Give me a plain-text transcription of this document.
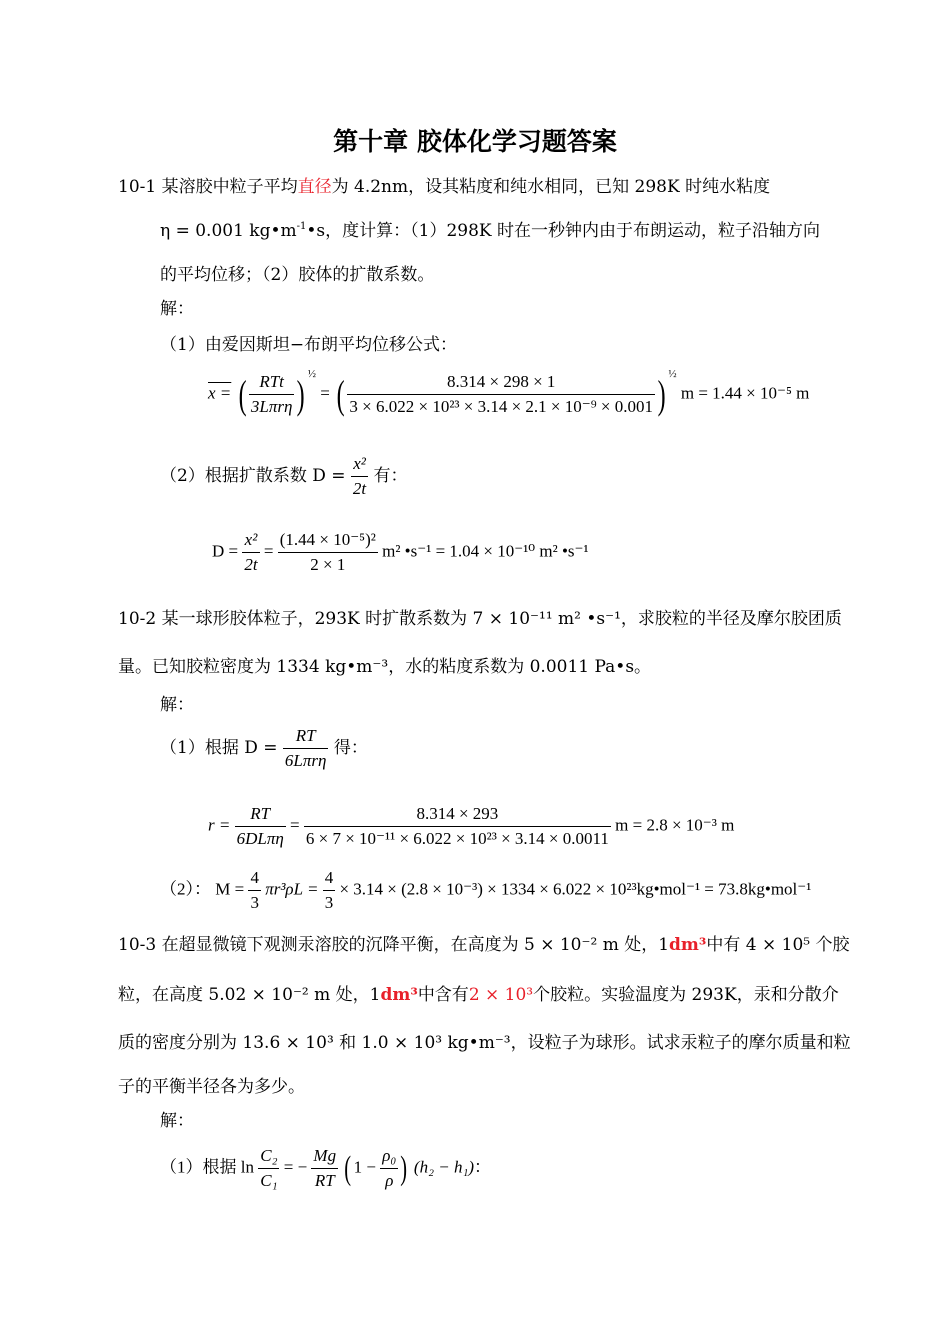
第十章 胶体化学习题答案
10-1 某溶胶中粒子平均直径为 4.2nm，设其粘度和纯水相同，已知 298K 时纯水粘度
η = 0.001 $kg•m^{-1}•s$，度计算：（1）298K 时在一秒钟内由于布朗运动，粒子沿轴方向
的平均位移；（2）胶体的扩散系数。
解：
（1）由爱因斯坦−布朗平均位移公式：
x = ( $\frac{\text{RTt}}{\text{3Lπrη}}$ ) ½ = ( $\frac{8.314 \times 298 \times 1}{\text{3 × 6.022 × 10²³ × 3.14 × 2.1 × 10⁻⁹ × 0.001}}$ ) ½ m = 1.44 × 10⁻⁵ m
（2）根据扩散系数 $D = \frac{\text{x²}}{2t}$ 有：
$D = \frac{\text{x²}}{2t} = \frac{\text{(1.44 × 10⁻⁵)²}}{2 \times 1} m^2$ •s⁻¹ = 1.04 × 10⁻¹⁰ m² •s⁻¹
10-2 某一球形胶体粒子，293K 时扩散系数为 7 × 10⁻¹¹ m² •s⁻¹，求胶粒的半径及摩尔胶团质
量。已知胶粒密度为 1334 kg•m⁻³，水的粘度系数为 0.0011 Pa•s。
解：
（1）根据 $D = \frac{RT}{\text{6Lπrη}}$ 得：
$r = \frac{RT}{\text{6DLπη}} = \frac{8.314 \times 293}{\text{6 × 7 × 10⁻¹¹ × 6.022 × 10²³ × 3.14 × 0.0011}}$ m = 2.8 × 10⁻³ m
（2）： $M = \frac{4}{3} \pi r^3\rho L = \frac{4}{3} \times 3.14 \times (2.8 \times 10^{-3}) \times 1334 \times 6.022$ × 10²³kg•mol⁻¹ = 73.8kg•mol⁻¹
10-3 在超显微镜下观测汞溶胶的沉降平衡，在高度为 5 × 10⁻² m 处，1dm³中有 4 × 10⁵ 个胶
粒，在高度 5.02 × 10⁻² m 处，1dm³中含有2 × 10³个胶粒。实验温度为 293K，汞和分散介
质的密度分别为 13.6 × 10³ 和 1.0 × 10³ kg•m⁻³，设粒子为球形。试求汞粒子的摩尔质量和粒
子的平衡半径各为多少。
解：
（1）根据 $\ln \frac{\text{C₂}}{\text{C₁}}$ = − $\frac{Mg}{RT}$ ( $1 - \frac{\text{ρ₀}}{\rho}$ ) (h₂ − h₁)：
